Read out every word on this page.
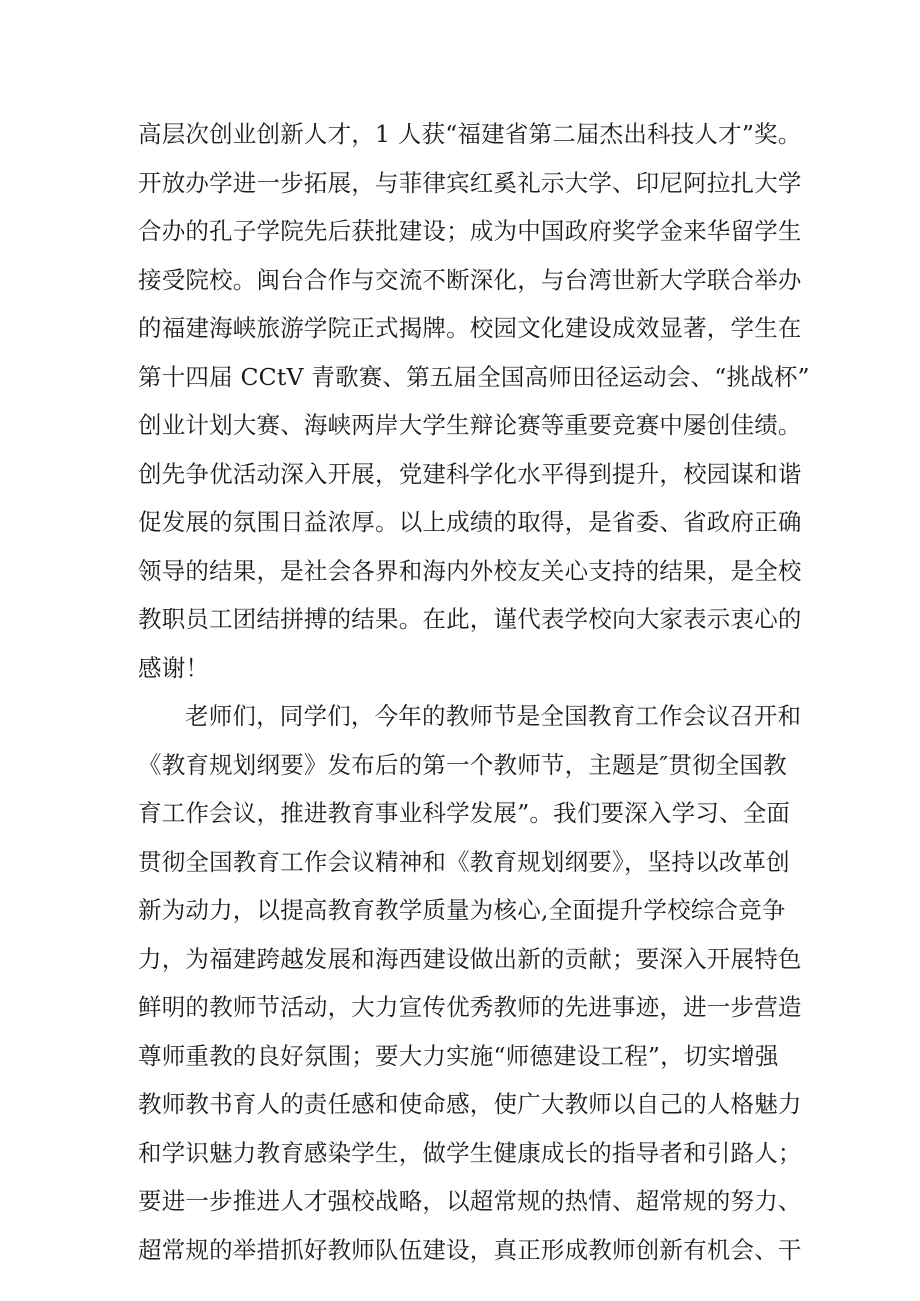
高层次创业创新人才，1 人获“福建省第二届杰出科技人才”奖。
开放办学进一步拓展，与菲律宾红奚礼示大学、印尼阿拉扎大学
合办的孔子学院先后获批建设；成为中国政府奖学金来华留学生
接受院校。闽台合作与交流不断深化，与台湾世新大学联合举办
的福建海峡旅游学院正式揭牌。校园文化建设成效显著，学生在
第十四届 CCtV 青歌赛、第五届全国高师田径运动会、“挑战杯”
创业计划大赛、海峡两岸大学生辩论赛等重要竞赛中屡创佳绩。
创先争优活动深入开展，党建科学化水平得到提升，校园谋和谐
促发展的氛围日益浓厚。以上成绩的取得，是省委、省政府正确
领导的结果，是社会各界和海内外校友关心支持的结果，是全校
教职员工团结拼搏的结果。在此，谨代表学校向大家表示衷心的
感谢！
老师们，同学们，今年的教师节是全国教育工作会议召开和
《教育规划纲要》发布后的第一个教师节，主题是″贯彻全国教
育工作会议，推进教育事业科学发展”。我们要深入学习、全面
贯彻全国教育工作会议精神和《教育规划纲要》，坚持以改革创
新为动力，以提高教育教学质量为核心,全面提升学校综合竞争
力，为福建跨越发展和海西建设做出新的贡献；要深入开展特色
鲜明的教师节活动，大力宣传优秀教师的先进事迹，进一步营造
尊师重教的良好氛围；要大力实施“师德建设工程”，切实增强
教师教书育人的责任感和使命感，使广大教师以自己的人格魅力
和学识魅力教育感染学生，做学生健康成长的指导者和引路人；
要进一步推进人才强校战略，以超常规的热情、超常规的努力、
超常规的举措抓好教师队伍建设，真正形成教师创新有机会、干
